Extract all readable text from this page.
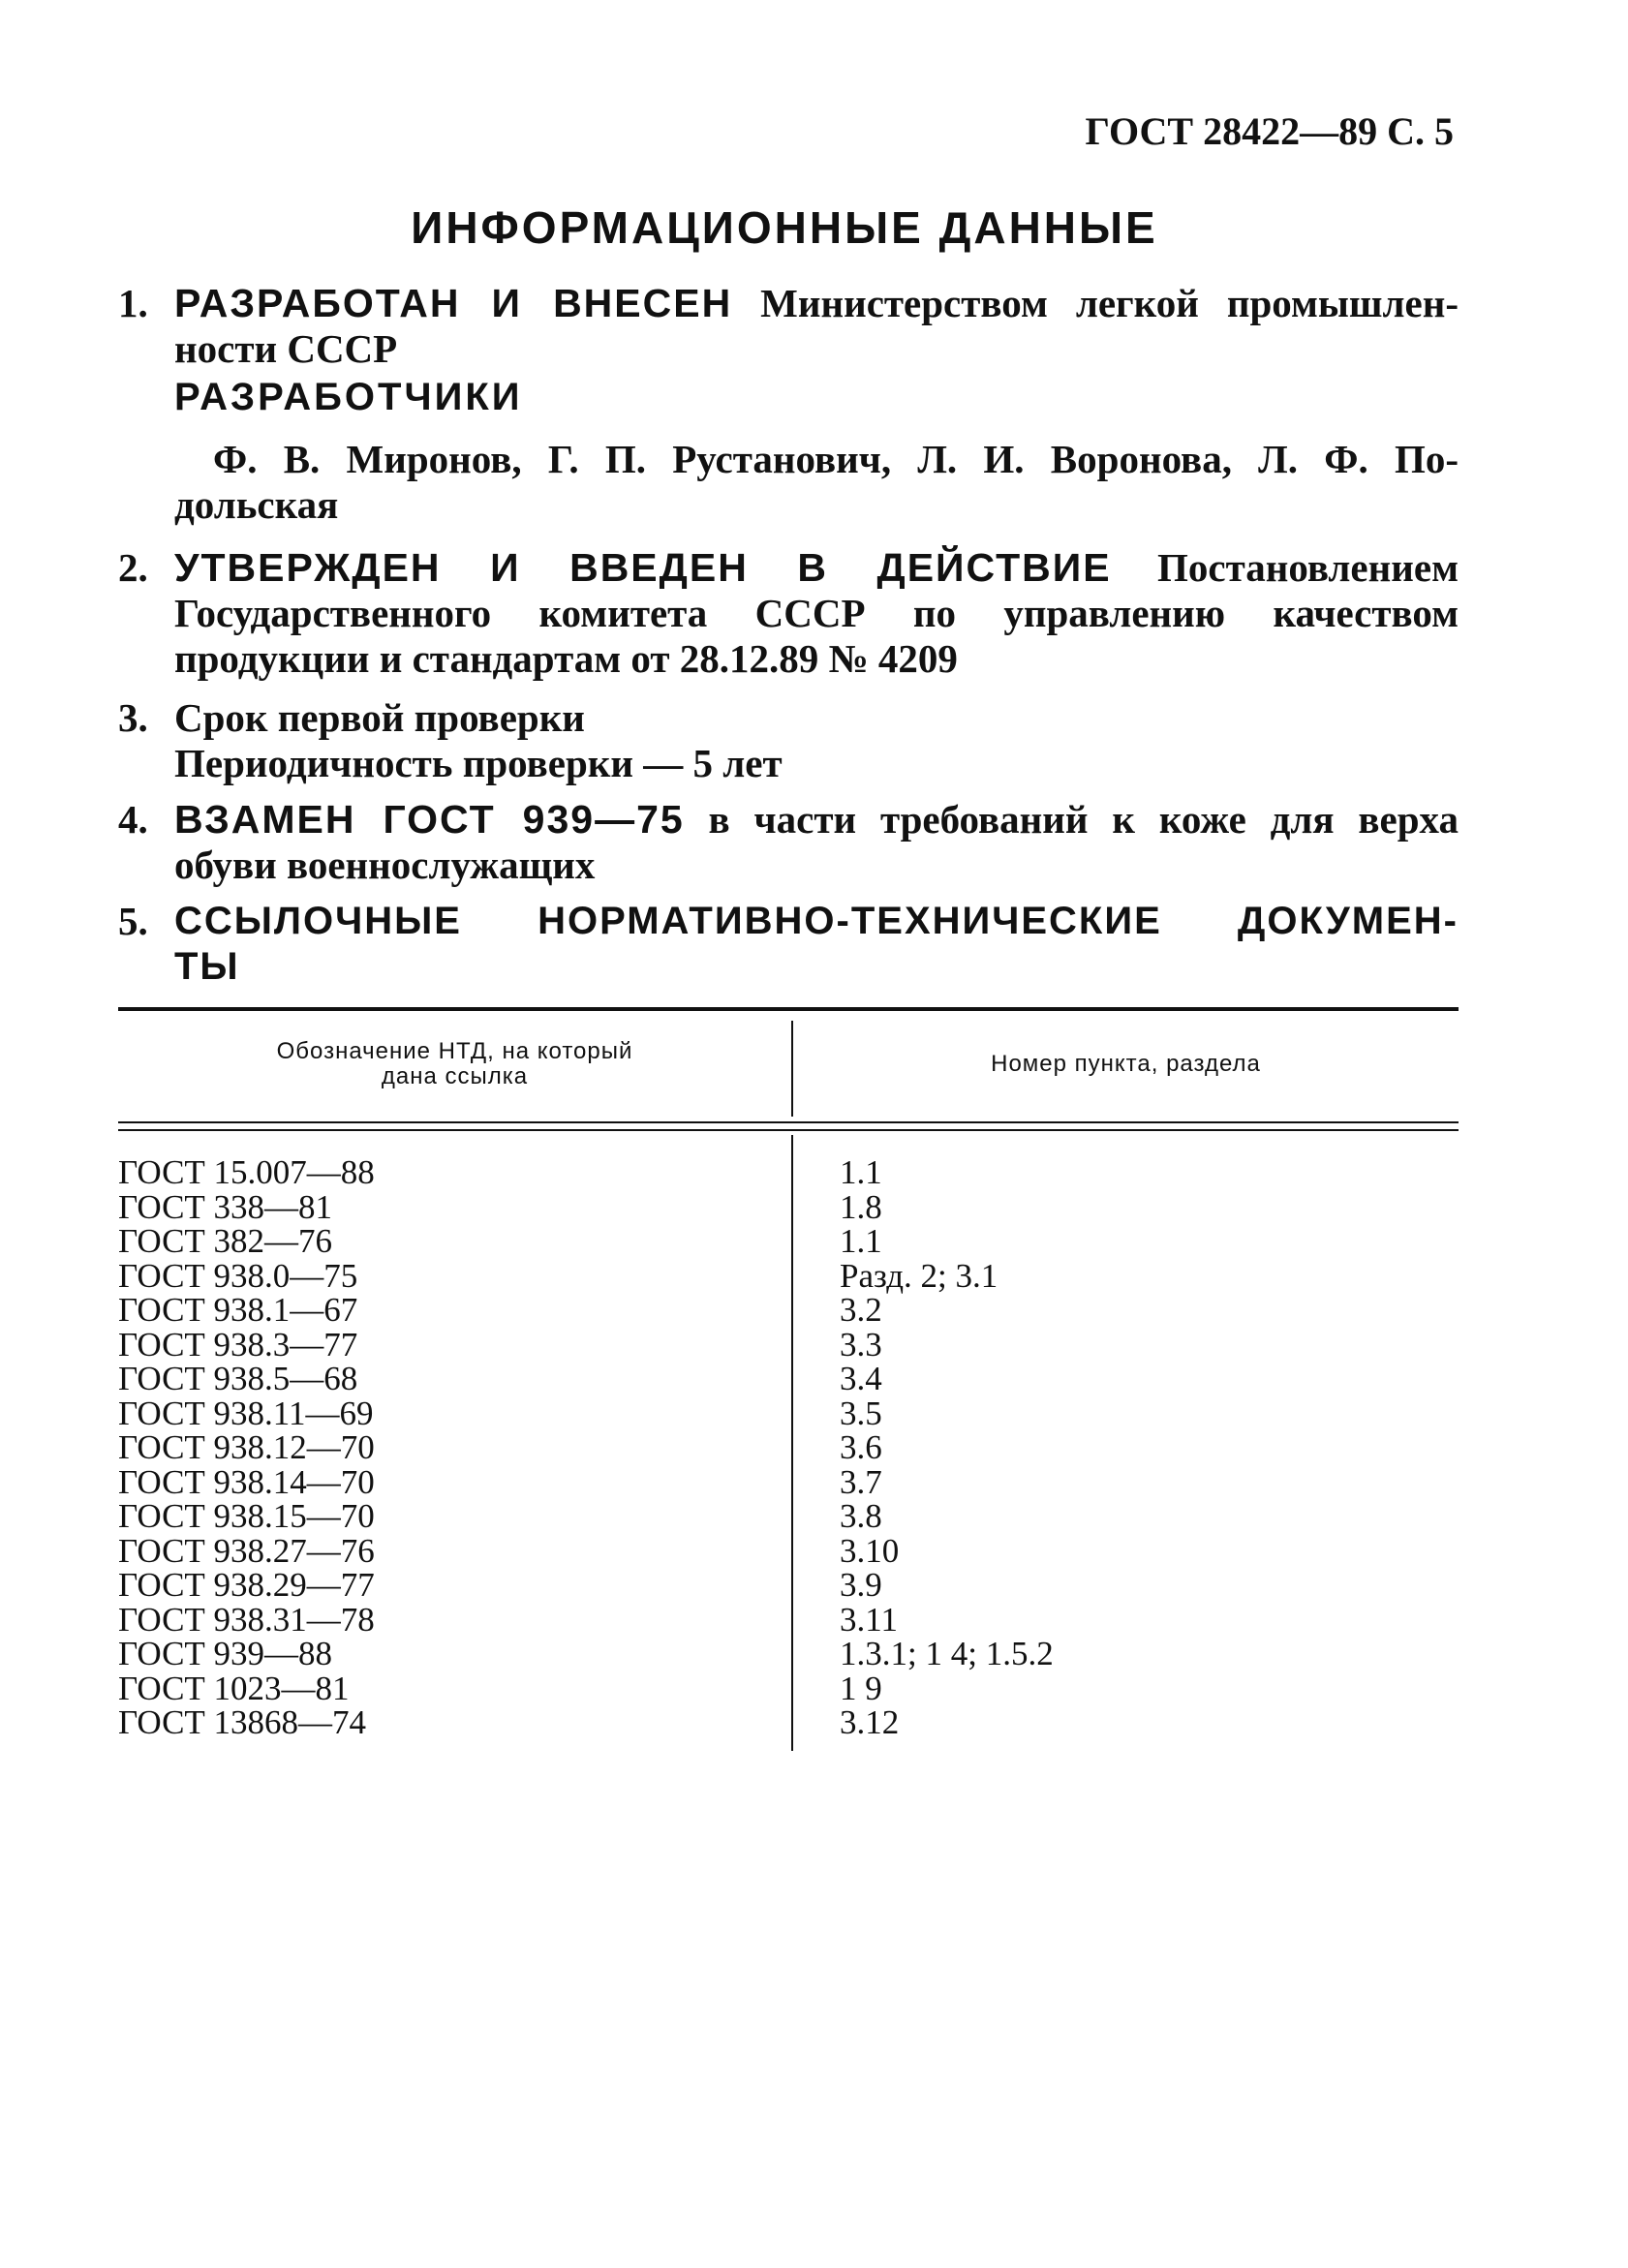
ГОСТ 28422—89 С. 5
ИНФОРМАЦИОННЫЕ ДАННЫЕ
1. РАЗРАБОТАН И ВНЕСЕН Министерством легкой промышлен-
ности СССР
РАЗРАБОТЧИКИ
Ф. В. Миронов, Г. П. Рустанович, Л. И. Воронова, Л. Ф. По-
дольская
2. УТВЕРЖДЕН И ВВЕДЕН В ДЕЙСТВИЕ Постановлением
Государственного комитета СССР по управлению качеством
продукции и стандартам от 28.12.89 № 4209
3. Срок первой проверки
Периодичность проверки — 5 лет
4. ВЗАМЕН ГОСТ 939—75 в части требований к коже для верха
обуви военнослужащих
5. ССЫЛОЧНЫЕ НОРМАТИВНО-ТЕХНИЧЕСКИЕ ДОКУМЕН-
ТЫ
Обозначение НТД, на который
дана ссылка	Номер пункта, раздела
ГОСТ 15.007—88	1.1
ГОСТ 338—81	1.8
ГОСТ 382—76	1.1
ГОСТ 938.0—75	Разд. 2; 3.1
ГОСТ 938.1—67	3.2
ГОСТ 938.3—77	3.3
ГОСТ 938.5—68	3.4
ГОСТ 938.11—69	3.5
ГОСТ 938.12—70	3.6
ГОСТ 938.14—70	3.7
ГОСТ 938.15—70	3.8
ГОСТ 938.27—76	3.10
ГОСТ 938.29—77	3.9
ГОСТ 938.31—78	3.11
ГОСТ 939—88	1.3.1; 1 4; 1.5.2
ГОСТ 1023—81	1 9
ГОСТ 13868—74	3.12
